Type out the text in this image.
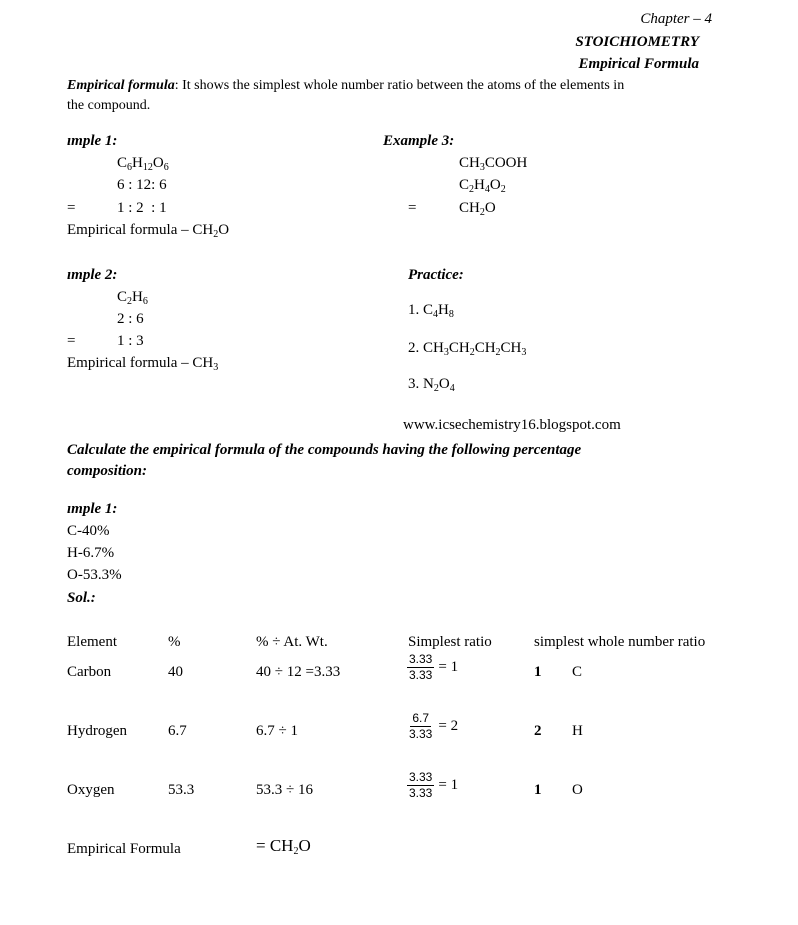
Chapter – 4
STOICHIOMETRY
Empirical Formula
Empirical formula: It shows the simplest whole number ratio between the atoms of the elements in
the compound.
ımple 1:
$C_6H_{12}O_6$
6 : 12: 6
=	1 : 2  : 1
Empirical formula – $CH_2O$
ımple 2:
$C_2H_6$
2 : 6
=	1 : 3
Empirical formula – $CH_3$
Example 3:
$CH_3COOH$
$C_2H_4O_2$
=	$CH_2O$
Practice:
1. $C_4H_8$
2. $CH_3CH_2CH_2CH_3$
3. $N_2O_4$
www.icsechemistry16.blogspot.com
Calculate the empirical formula of the compounds having the following percentage
composition:
ımple 1:
C-40%
H-6.7%
O-53.3%
Sol.:
Element	%	% ÷ At. Wt.	Simplest ratio	simplest whole number ratio
Carbon	40	40 ÷ 12 =3.33	$\frac{3.33}{3.33} = 1$	1 C
Hydrogen	6.7	6.7 ÷ 1	$\frac{6.7}{3.33} = 2$	2 H
Oxygen	53.3	53.3 ÷ 16	$\frac{3.33}{3.33} = 1$	1 O
Empirical Formula	= $CH_2O$
